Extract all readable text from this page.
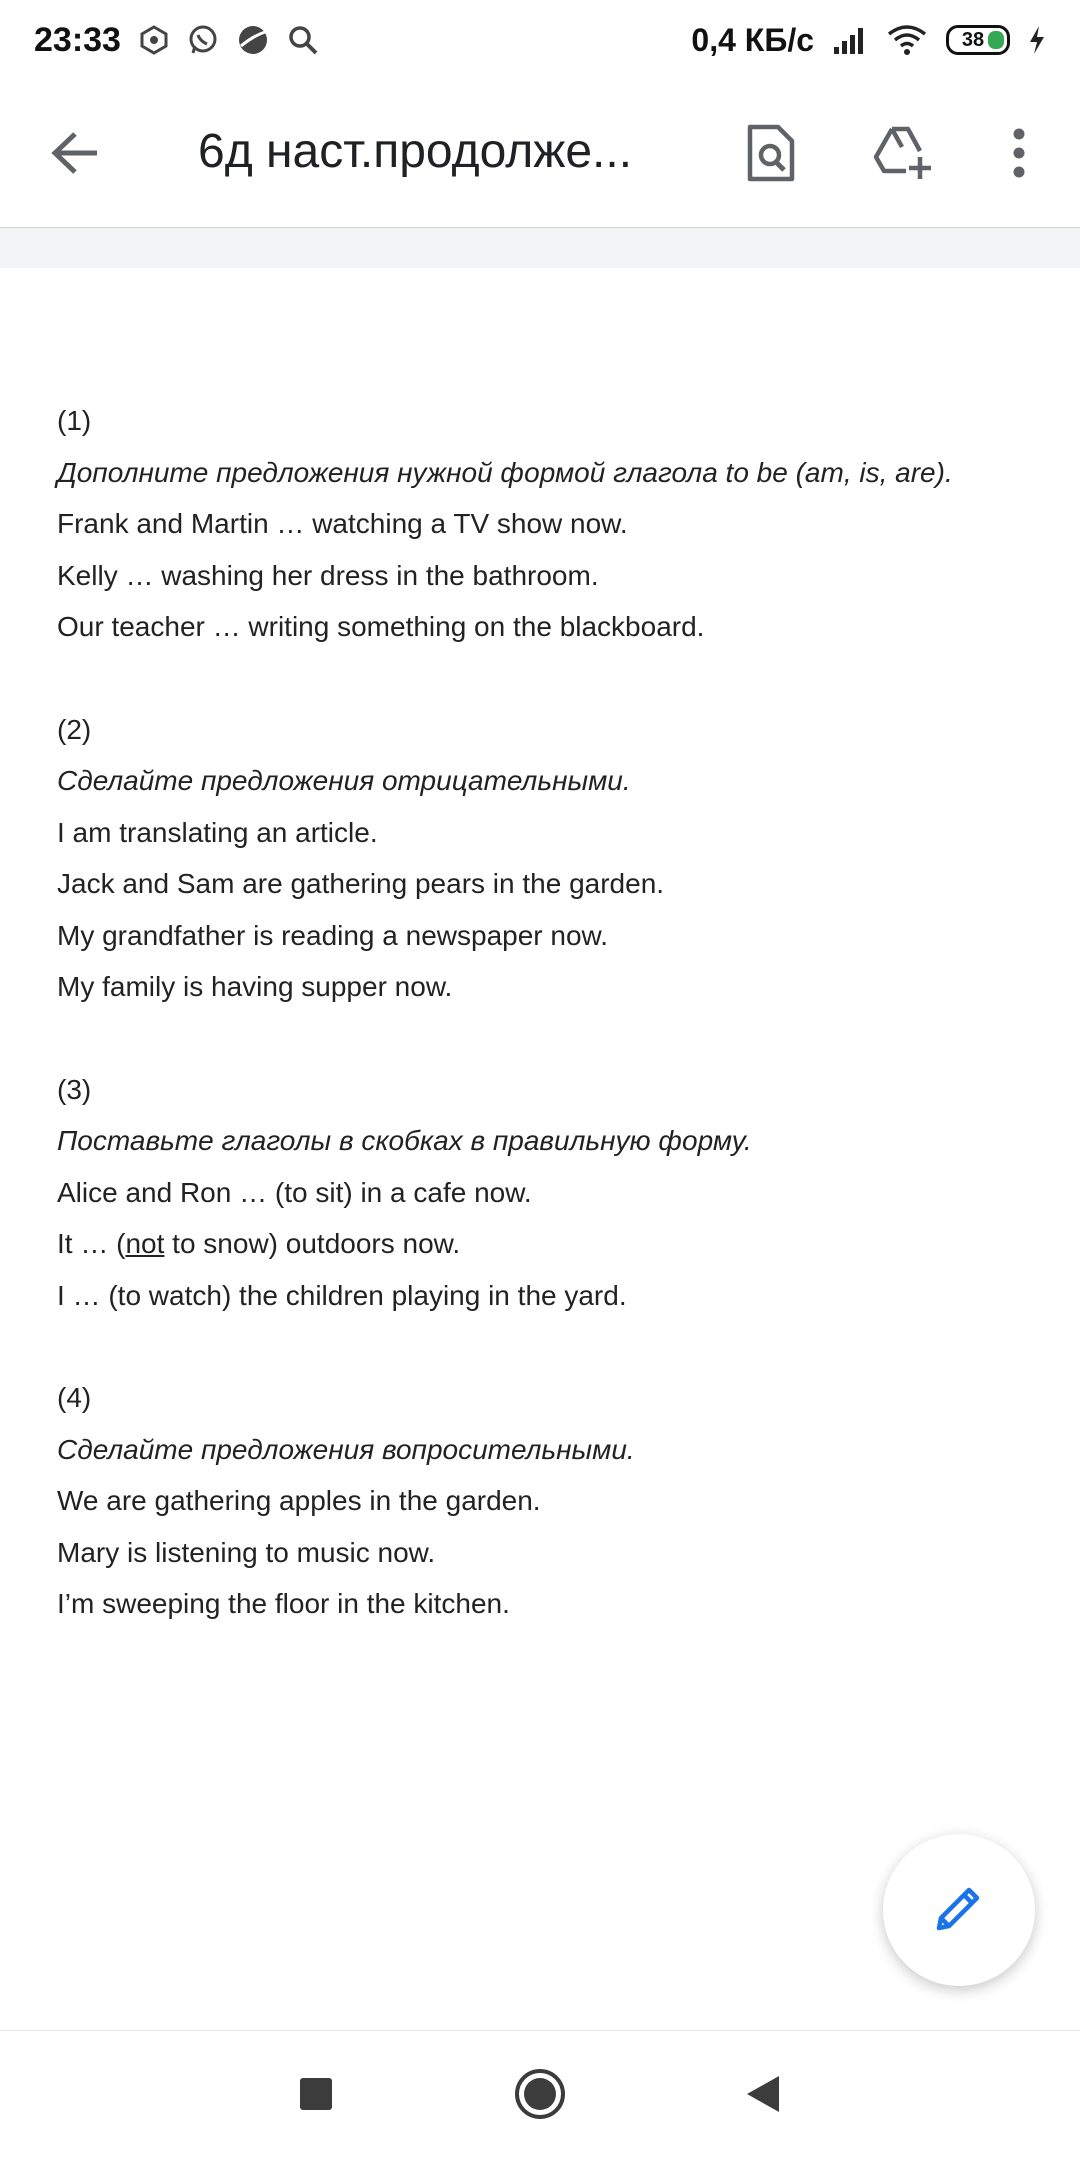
23:33	0,4 КБ/с	38
6д наст.продолже...
(1)
Дополните предложения нужной формой глагола to be (am, is, are).
Frank and Martin … watching a TV show now.
Kelly … washing her dress in the bathroom.
Our teacher … writing something on the blackboard.
(2)
Сделайте предложения отрицательными.
I am translating an article.
Jack and Sam are gathering pears in the garden.
My grandfather is reading a newspaper now.
My family is having supper now.
(3)
Поставьте глаголы в скобках в правильную форму.
Alice and Ron … (to sit) in a cafe now.
It … (not to snow) outdoors now.
I … (to watch) the children playing in the yard.
(4)
Сделайте предложения вопросительными.
We are gathering apples in the garden.
Mary is listening to music now.
I’m sweeping the floor in the kitchen.
